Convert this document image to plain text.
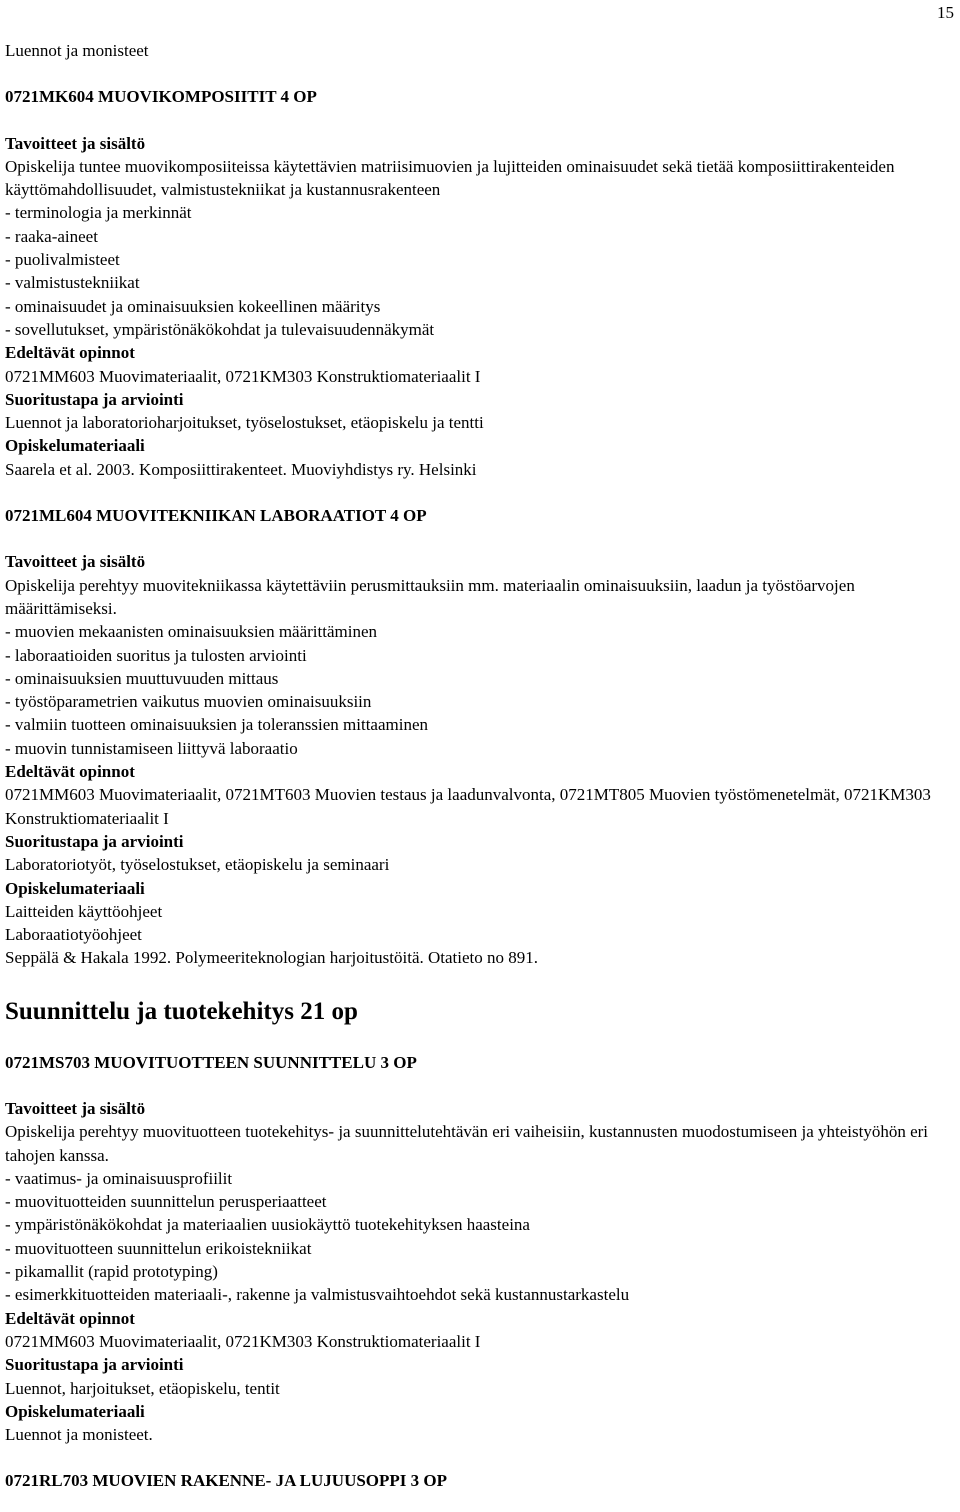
15
Luennot ja monisteet
0721MK604 MUOVIKOMPOSIITIT 4 OP
Tavoitteet ja sisältö
Opiskelija tuntee muovikomposiiteissa käytettävien matriisimuovien ja lujitteiden ominaisuudet sekä tietää komposiittirakenteiden käyttömahdollisuudet, valmistustekniikat ja kustannusrakenteen
- terminologia ja merkinnät
- raaka-aineet
- puolivalmisteet
- valmistustekniikat
- ominaisuudet ja ominaisuuksien kokeellinen määritys
- sovellutukset, ympäristönäkökohdat ja tulevaisuudennäkymät
Edeltävät opinnot
0721MM603 Muovimateriaalit, 0721KM303 Konstruktiomateriaalit I
Suoritustapa ja arviointi
Luennot ja laboratorioharjoitukset, työselostukset, etäopiskelu ja tentti
Opiskelumateriaali
Saarela et al. 2003. Komposiittirakenteet. Muoviyhdistys ry. Helsinki
0721ML604 MUOVITEKNIIKAN LABORAATIOT 4 OP
Tavoitteet ja sisältö
Opiskelija perehtyy muovitekniikassa käytettäviin perusmittauksiin mm. materiaalin ominaisuuksiin, laadun ja työstöarvojen määrittämiseksi.
- muovien mekaanisten ominaisuuksien määrittäminen
- laboraatioiden suoritus ja tulosten arviointi
- ominaisuuksien muuttuvuuden mittaus
- työstöparametrien vaikutus muovien ominaisuuksiin
- valmiin tuotteen ominaisuuksien ja toleranssien mittaaminen
- muovin tunnistamiseen liittyvä laboraatio
Edeltävät opinnot
0721MM603 Muovimateriaalit, 0721MT603 Muovien testaus ja laadunvalvonta, 0721MT805 Muovien työstömenetelmät, 0721KM303 Konstruktiomateriaalit I
Suoritustapa ja arviointi
Laboratoriotyöt, työselostukset, etäopiskelu ja seminaari
Opiskelumateriaali
Laitteiden käyttöohjeet
Laboraatiotyöohjeet
Seppälä & Hakala 1992. Polymeeriteknologian harjoitustöitä. Otatieto no 891.
Suunnittelu ja tuotekehitys 21 op
0721MS703 MUOVITUOTTEEN SUUNNITTELU 3 OP
Tavoitteet ja sisältö
Opiskelija perehtyy muovituotteen tuotekehitys- ja suunnittelutehtävän eri vaiheisiin, kustannusten muodostumiseen ja yhteistyöhön eri tahojen kanssa.
- vaatimus- ja ominaisuusprofiilit
- muovituotteiden suunnittelun perusperiaatteet
- ympäristönäkökohdat ja materiaalien uusiokäyttö tuotekehityksen haasteina
- muovituotteen suunnittelun erikoistekniikat
- pikamallit (rapid prototyping)
- esimerkkituotteiden materiaali-, rakenne ja valmistusvaihtoehdot sekä kustannustarkastelu
Edeltävät opinnot
0721MM603 Muovimateriaalit, 0721KM303 Konstruktiomateriaalit I
Suoritustapa ja arviointi
Luennot, harjoitukset, etäopiskelu, tentit
Opiskelumateriaali
Luennot ja monisteet.
0721RL703 MUOVIEN RAKENNE- JA LUJUUSOPPI 3 OP
